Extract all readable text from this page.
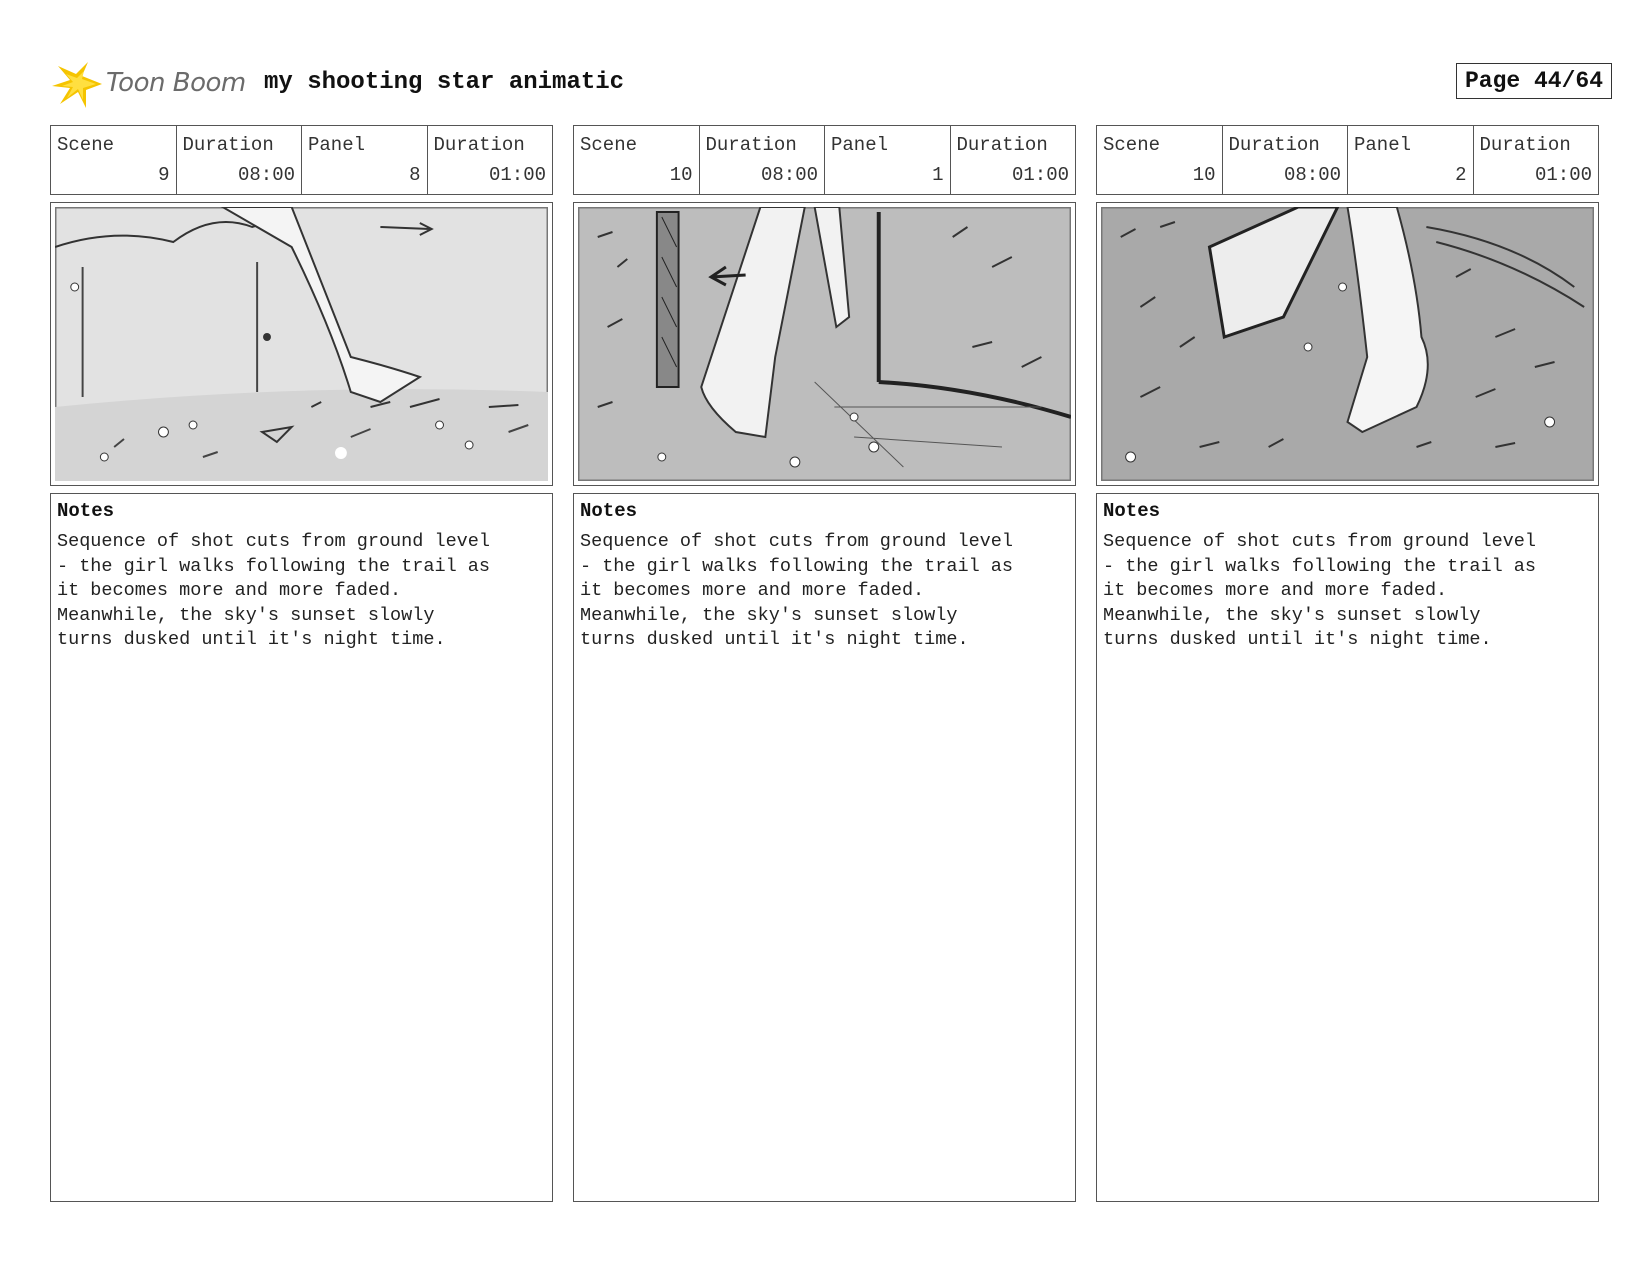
Toon Boom my shooting star animatic	Page 44/64
Scene
9
Duration
08:00
Panel
8
Duration
01:00
Notes
Sequence of shot cuts from ground level
- the girl walks following the trail as
it becomes more and more faded.
Meanwhile, the sky's sunset slowly
turns dusked until it's night time.
Scene
10
Duration
08:00
Panel
1
Duration
01:00
Notes
Sequence of shot cuts from ground level
- the girl walks following the trail as
it becomes more and more faded.
Meanwhile, the sky's sunset slowly
turns dusked until it's night time.
Scene
10
Duration
08:00
Panel
2
Duration
01:00
Notes
Sequence of shot cuts from ground level
- the girl walks following the trail as
it becomes more and more faded.
Meanwhile, the sky's sunset slowly
turns dusked until it's night time.
